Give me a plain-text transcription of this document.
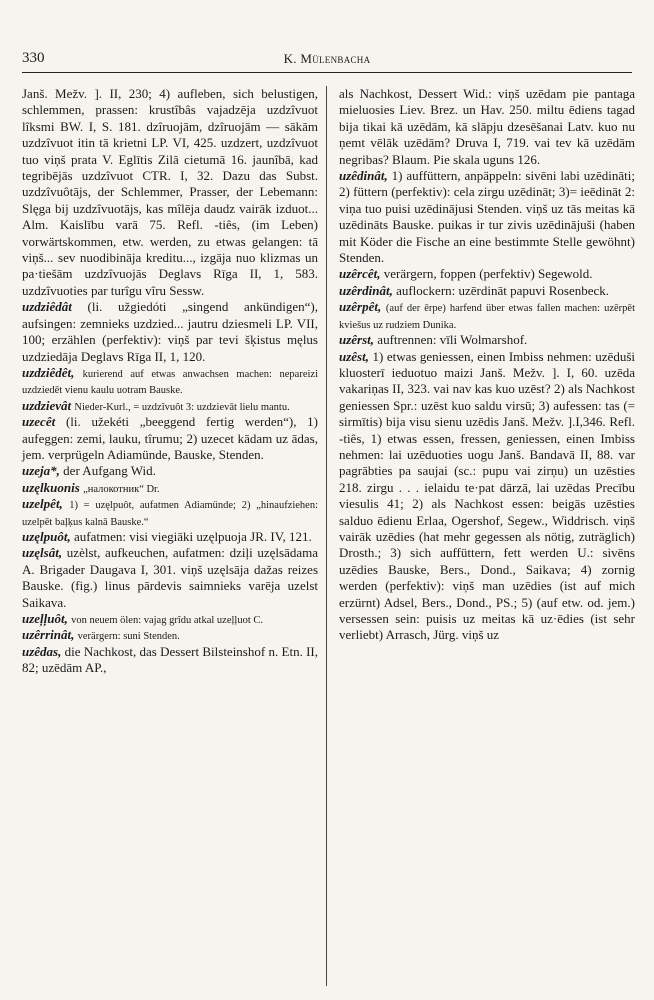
330	K. Mülenbacha

Janš. Mežv. ]. II, 230; 4) aufleben, sich belustigen, schlemmen, prassen: krustîbâs vajadzēja uzdzîvuot lîksmi BW. I, S. 181. dzîruojām, dzîruojām — sākām uzdzîvuot itin tā krietni LP. VI, 425. uzdzert, uzdzîvuot tuo viņš prata V. Eglītis Zilā cietumā 16. jaunîbā, kad tegribējās uzdzîvuot CTR. I, 32. Dazu das Subst. uzdzîvuôtājs, der Schlemmer, Prasser, der Lebemann: Slęga bij uzdzîvuotājs, kas mîlēja daudz vairāk izduot... Alm. Kaislību varā 75. Refl. -tiês, (im Leben) vorwärtskommen, etw. werden, zu etwas gelangen: tā viņš... sev nuodibināja kreditu..., izgāja nuo klizmas un pa·tiešām uzdzîvuojās Deglavs Rīga II, 1, 583. uzdzîvuoties par turîgu vîru Sessw.

uzdziêdât (li. užgiedóti „singend ankündigen“), aufsingen: zemnieks uzdzied... jautru dziesmeli LP. VII, 100; erzählen (perfektiv): viņš par tevi šķistus męlus uzdziedāja Deglavs Rīga II, 1, 120.

uzdziêdêt, kurierend auf etwas anwachsen machen: nepareizi uzdziedēt vienu kaulu uotram Bauske.

uzdzievât Nieder-Kurl., = uzdzîvuôt 3: uzdzievāt lielu mantu.

uzecêt (li. užekéti „beeggend fertig werden“), 1) aufeggen: zemi, lauku, tîrumu; 2) uzecet kādam uz ādas, jem. verprügeln Adiamünde, Bauske, Stenden.

uzeja*, der Aufgang Wid.

uzęlkuonis „налокотник“ Dr.

uzelpêt, 1) = uzęlpuôt, aufatmen Adiamünde; 2) „hinaufziehen: uzelpēt baļķus kalnā Bauske.“

uzęlpuôt, aufatmen: visi viegiāki uzęlpuoja JR. IV, 121.

uzęlsât, uzèlst, aufkeuchen, aufatmen: dziļi uzęlsādama A. Brigader Daugava I, 301. viņš uzęlsāja dažas reizes Bauske. (fig.) linus pārdevis saimnieks varēja uzelst Saikava.

uzeļļuôt, von neuem ölen: vajag grîdu atkal uzeļļuot C.

uzêrrinât, verärgern: suni Stenden.

uzêdas, die Nachkost, das Dessert Bilsteinshof n. Etn. II, 82; uzēdām AP.,

als Nachkost, Dessert Wid.: viņš uzēdam pie pantaga mieluosies Liev. Brez. un Hav. 250. miltu ēdiens tagad bija tikai kā uzēdām, kā slāpju dzesēšanai Latv. kuo nu ņemt vēlāk uzēdām? Druva I, 719. vai tev kā uzēdām negribas? Blaum. Pie skala uguns 126.

uzêdinât, 1) auffüttern, anpäppeln: sivēni labi uzēdināti; 2) füttern (perfektiv): cela zirgu uzēdināt; 3)= ieēdināt 2: viņa tuo puisi uzēdinājusi Stenden. viņš uz tās meitas kā uzēdināts Bauske. puikas ir tur zivis uzēdinājuši (haben mit Köder die Fische an eine bestimmte Stelle gewöhnt) Stenden.

uzêrcêt, verärgern, foppen (perfektiv) Segewold.

uzêrdinât, auflockern: uzērdināt papuvi Rosenbeck.

uzêrpêt, (auf der ērpe) harfend über etwas fallen machen: uzērpēt kviešus uz rudziem Dunika.

uzêrst, auftrennen: vīli Wolmarshof.

uzêst, 1) etwas geniessen, einen Imbiss nehmen: uzēduši kluosterī ieduotuo maizi Janš. Mežv. ]. I, 60. uzēda vakariņas II, 323. vai nav kas kuo uzēst? 2) als Nachkost geniessen Spr.: uzēst kuo saldu virsū; 3) aufessen: tas (= sirmītis) bija visu sienu uzēdis Janš. Mežv. ].I,346. Refl. -tiês, 1) etwas essen, fressen, geniessen, einen Imbiss nehmen: lai uzēduoties uogu Janš. Bandavā II, 88. var pagrābties pa saujai (sc.: pupu vai zirņu) un uzēsties 218. zirgu . . . ielaidu te·pat dārzā, lai uzēdas Precību viesulis 41; 2) als Nachkost essen: beigās uzēsties salduo ēdienu Erlaa, Ogershof, Segew., Widdrisch. viņš vairāk uzēdies (hat mehr gegessen als nötig, zuträglich) Drosth.; 3) sich auffüttern, fett werden U.: sivēns uzēdies Bauske, Bers., Dond., Saikava; 4) zornig werden (perfektiv): viņš man uzēdies (ist auf mich erzürnt) Adsel, Bers., Dond., PS.; 5) (auf etw. od. jem.) versessen sein: puisis uz meitas kā uz·ēdies (ist sehr verliebt) Arrasch, Jürg. viņš uz
